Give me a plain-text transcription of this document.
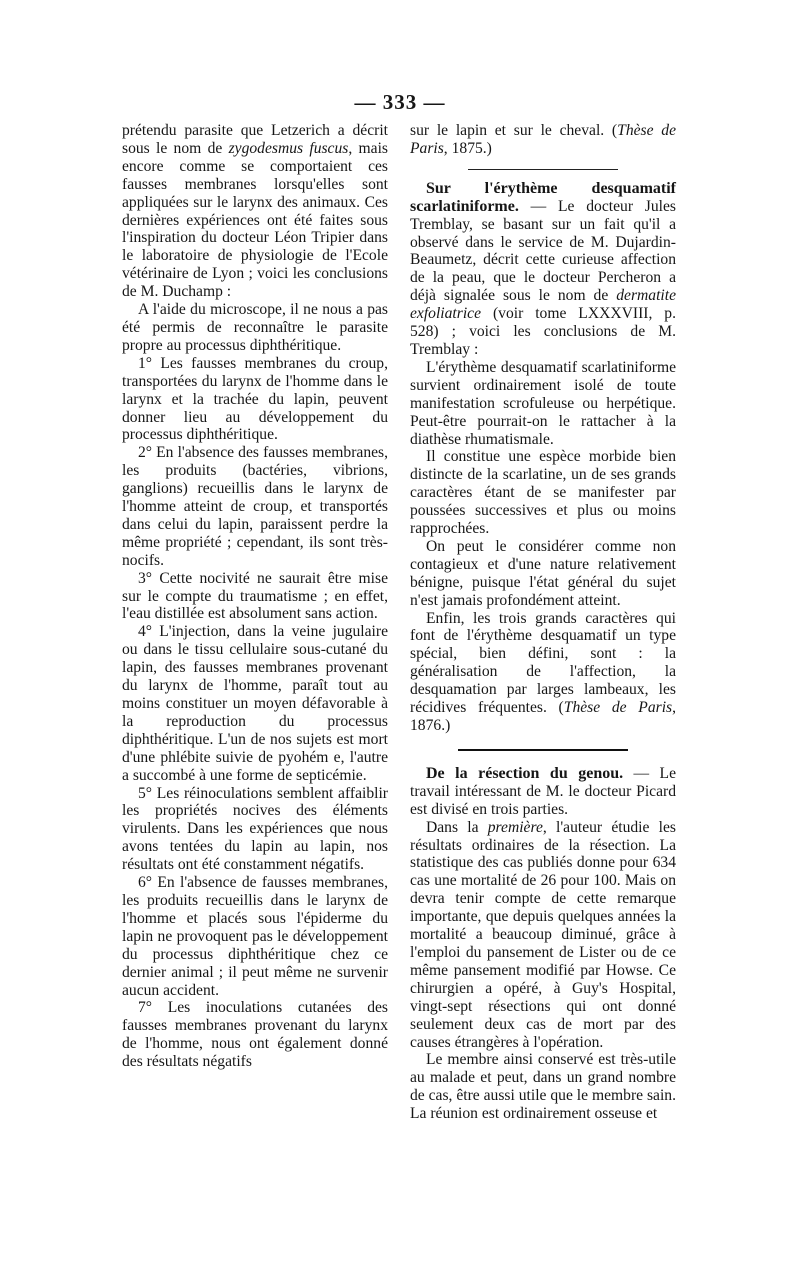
— 333 —

prétendu parasite que Letzerich a décrit sous le nom de zygodesmus fuscus, mais encore comme se comportaient ces fausses membranes lorsqu'elles sont appliquées sur le larynx des animaux. Ces dernières expériences ont été faites sous l'inspiration du docteur Léon Tripier dans le laboratoire de physiologie de l'Ecole vétérinaire de Lyon ; voici les conclusions de M. Duchamp :

A l'aide du microscope, il ne nous a pas été permis de reconnaître le parasite propre au processus diphthéritique.

1° Les fausses membranes du croup, transportées du larynx de l'homme dans le larynx et la trachée du lapin, peuvent donner lieu au développement du processus diphthéritique.

2° En l'absence des fausses membranes, les produits (bactéries, vibrions, ganglions) recueillis dans le larynx de l'homme atteint de croup, et transportés dans celui du lapin, paraissent perdre la même propriété ; cependant, ils sont très-nocifs.

3° Cette nocivité ne saurait être mise sur le compte du traumatisme ; en effet, l'eau distillée est absolument sans action.

4° L'injection, dans la veine jugulaire ou dans le tissu cellulaire sous-cutané du lapin, des fausses membranes provenant du larynx de l'homme, paraît tout au moins constituer un moyen défavorable à la reproduction du processus diphthéritique. L'un de nos sujets est mort d'une phlébite suivie de pyohém e, l'autre a succombé à une forme de septicémie.

5° Les réinoculations semblent affaiblir les propriétés nocives des éléments virulents. Dans les expériences que nous avons tentées du lapin au lapin, nos résultats ont été constamment négatifs.

6° En l'absence de fausses membranes, les produits recueillis dans le larynx de l'homme et placés sous l'épiderme du lapin ne provoquent pas le développement du processus diphthéritique chez ce dernier animal ; il peut même ne survenir aucun accident.

7° Les inoculations cutanées des fausses membranes provenant du larynx de l'homme, nous ont également donné des résultats négatifs

sur le lapin et sur le cheval. (Thèse de Paris, 1875.)

Sur l'érythème desquamatif scarlatiniforme. — Le docteur Jules Tremblay, se basant sur un fait qu'il a observé dans le service de M. Dujardin-Beaumetz, décrit cette curieuse affection de la peau, que le docteur Percheron a déjà signalée sous le nom de dermatite exfoliatrice (voir tome LXXXVIII, p. 528) ; voici les conclusions de M. Tremblay :

L'érythème desquamatif scarlatiniforme survient ordinairement isolé de toute manifestation scrofuleuse ou herpétique. Peut-être pourrait-on le rattacher à la diathèse rhumatismale.

Il constitue une espèce morbide bien distincte de la scarlatine, un de ses grands caractères étant de se manifester par poussées successives et plus ou moins rapprochées.

On peut le considérer comme non contagieux et d'une nature relativement bénigne, puisque l'état général du sujet n'est jamais profondément atteint.

Enfin, les trois grands caractères qui font de l'érythème desquamatif un type spécial, bien défini, sont : la généralisation de l'affection, la desquamation par larges lambeaux, les récidives fréquentes. (Thèse de Paris, 1876.)

De la résection du genou. — Le travail intéressant de M. le docteur Picard est divisé en trois parties.

Dans la première, l'auteur étudie les résultats ordinaires de la résection. La statistique des cas publiés donne pour 634 cas une mortalité de 26 pour 100. Mais on devra tenir compte de cette remarque importante, que depuis quelques années la mortalité a beaucoup diminué, grâce à l'emploi du pansement de Lister ou de ce même pansement modifié par Howse. Ce chirurgien a opéré, à Guy's Hospital, vingt-sept résections qui ont donné seulement deux cas de mort par des causes étrangères à l'opération.

Le membre ainsi conservé est très-utile au malade et peut, dans un grand nombre de cas, être aussi utile que le membre sain. La réunion est ordinairement osseuse et
